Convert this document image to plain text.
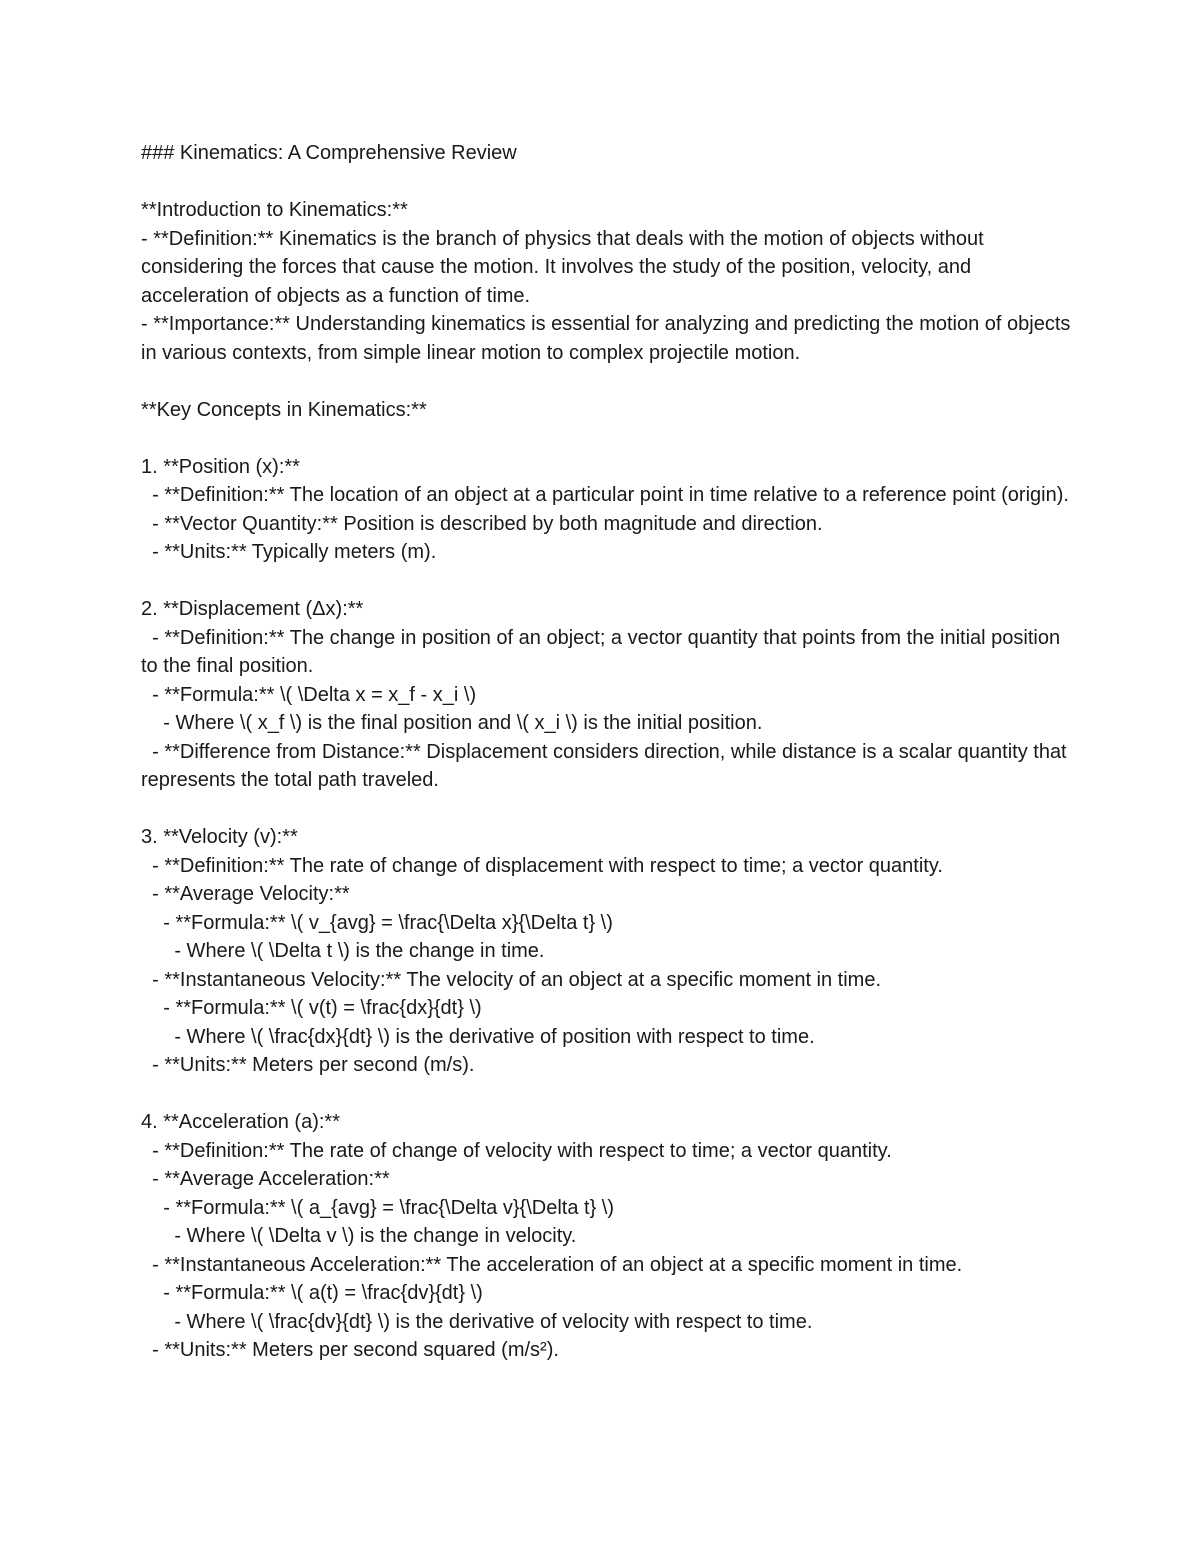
### Kinematics: A Comprehensive Review
**Introduction to Kinematics:**
- **Definition:** Kinematics is the branch of physics that deals with the motion of objects without considering the forces that cause the motion. It involves the study of the position, velocity, and acceleration of objects as a function of time.
- **Importance:** Understanding kinematics is essential for analyzing and predicting the motion of objects in various contexts, from simple linear motion to complex projectile motion.
**Key Concepts in Kinematics:**
1. **Position (x):**
- **Definition:** The location of an object at a particular point in time relative to a reference point (origin).
- **Vector Quantity:** Position is described by both magnitude and direction.
- **Units:** Typically meters (m).
2. **Displacement (Δx):**
- **Definition:** The change in position of an object; a vector quantity that points from the initial position to the final position.
- **Formula:** \( \Delta x = x_f - x_i \)
- Where \( x_f \) is the final position and \( x_i \) is the initial position.
- **Difference from Distance:** Displacement considers direction, while distance is a scalar quantity that represents the total path traveled.
3. **Velocity (v):**
- **Definition:** The rate of change of displacement with respect to time; a vector quantity.
- **Average Velocity:**
- **Formula:** \( v_{avg} = \frac{\Delta x}{\Delta t} \)
- Where \( \Delta t \) is the change in time.
- **Instantaneous Velocity:** The velocity of an object at a specific moment in time.
- **Formula:** \( v(t) = \frac{dx}{dt} \)
- Where \( \frac{dx}{dt} \) is the derivative of position with respect to time.
- **Units:** Meters per second (m/s).
4. **Acceleration (a):**
- **Definition:** The rate of change of velocity with respect to time; a vector quantity.
- **Average Acceleration:**
- **Formula:** \( a_{avg} = \frac{\Delta v}{\Delta t} \)
- Where \( \Delta v \) is the change in velocity.
- **Instantaneous Acceleration:** The acceleration of an object at a specific moment in time.
- **Formula:** \( a(t) = \frac{dv}{dt} \)
- Where \( \frac{dv}{dt} \) is the derivative of velocity with respect to time.
- **Units:** Meters per second squared (m/s²).
